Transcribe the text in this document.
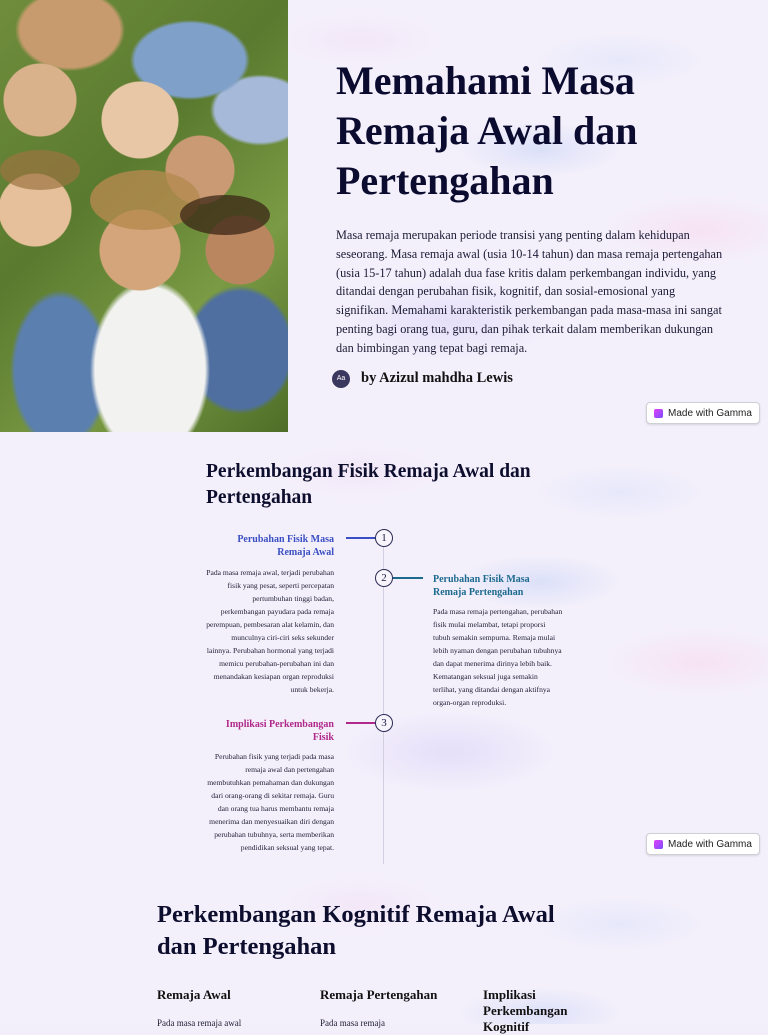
Memahami Masa Remaja Awal dan Pertengahan

Masa remaja merupakan periode transisi yang penting dalam kehidupan seseorang. Masa remaja awal (usia 10-14 tahun) dan masa remaja pertengahan (usia 15-17 tahun) adalah dua fase kritis dalam perkembangan individu, yang ditandai dengan perubahan fisik, kognitif, dan sosial-emosional yang signifikan. Memahami karakteristik perkembangan pada masa-masa ini sangat penting bagi orang tua, guru, dan pihak terkait dalam memberikan dukungan dan bimbingan yang tepat bagi remaja.

Aa	by Azizul mahdha Lewis
Made with Gamma
Perkembangan Fisik Remaja Awal dan Pertengahan
1
Perubahan Fisik Masa Remaja Awal
Pada masa remaja awal, terjadi perubahan fisik yang pesat, seperti percepatan pertumbuhan tinggi badan, perkembangan payudara pada remaja perempuan, pembesaran alat kelamin, dan munculnya ciri-ciri seks sekunder lainnya. Perubahan hormonal yang terjadi memicu perubahan-perubahan ini dan menandakan kesiapan organ reproduksi untuk bekerja.
2	Perubahan Fisik Masa Remaja Pertengahan
Pada masa remaja pertengahan, perubahan fisik mulai melambat, tetapi proporsi tubuh semakin sempurna. Remaja mulai lebih nyaman dengan perubahan tubuhnya dan dapat menerima dirinya lebih baik. Kematangan seksual juga semakin terlihat, yang ditandai dengan aktifnya organ-organ reproduksi.
3
Implikasi Perkembangan Fisik
Perubahan fisik yang terjadi pada masa remaja awal dan pertengahan membutuhkan pemahaman dan dukungan dari orang-orang di sekitar remaja. Guru dan orang tua harus membantu remaja menerima dan menyesuaikan diri dengan perubahan tubuhnya, serta memberikan pendidikan seksual yang tepat.	Made with Gamma
Perkembangan Kognitif Remaja Awal dan Pertengahan
Remaja Awal
Pada masa remaja awal
Remaja Pertengahan
Pada masa remaja
Implikasi Perkembangan Kognitif
